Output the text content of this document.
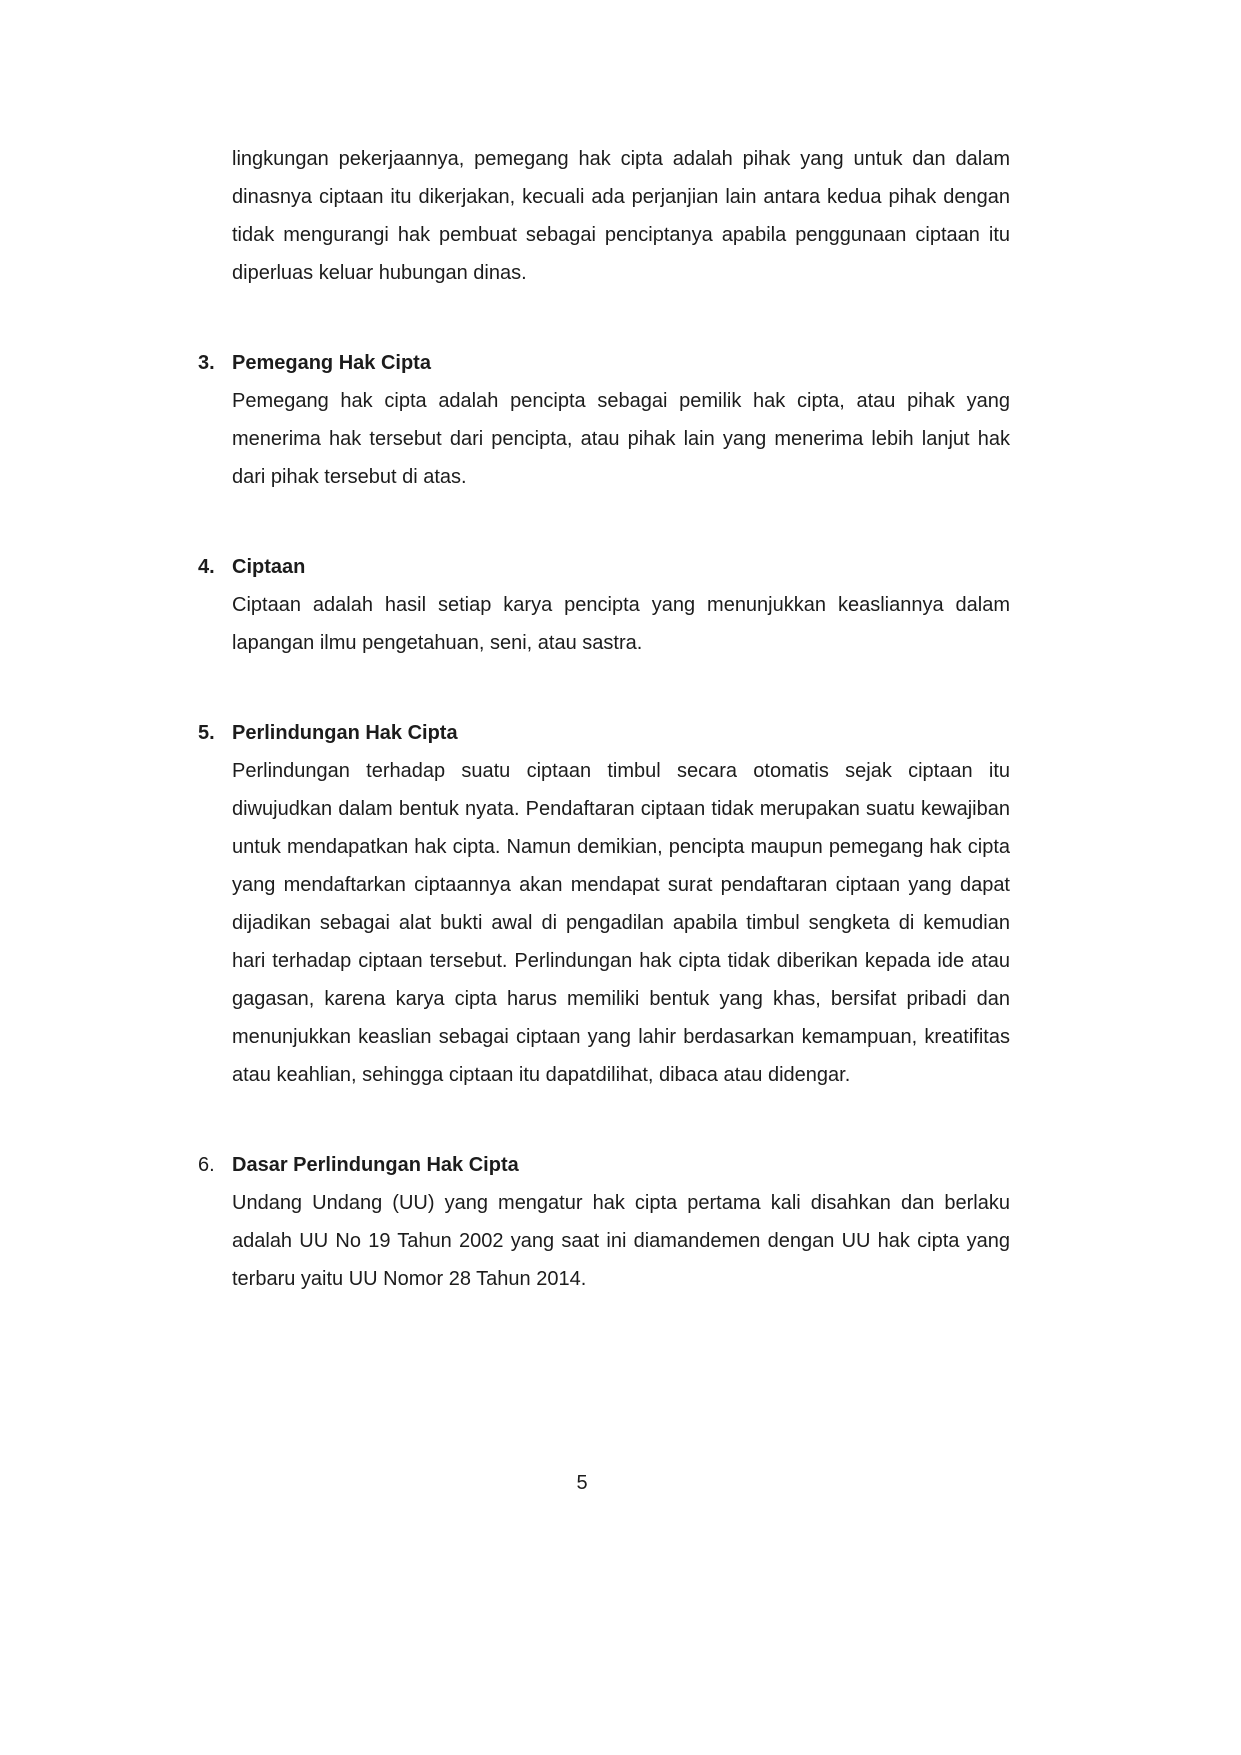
lingkungan pekerjaannya, pemegang hak cipta adalah pihak yang untuk dan dalam dinasnya ciptaan itu dikerjakan, kecuali ada perjanjian lain antara kedua pihak dengan tidak mengurangi hak pembuat sebagai penciptanya apabila penggunaan ciptaan itu diperluas keluar hubungan dinas.

3. Pemegang Hak Cipta

Pemegang hak cipta adalah pencipta sebagai pemilik hak cipta, atau pihak yang menerima hak tersebut dari pencipta, atau pihak lain yang menerima lebih lanjut hak dari pihak tersebut di atas.

4. Ciptaan

Ciptaan adalah hasil setiap karya pencipta yang menunjukkan keasliannya dalam lapangan ilmu pengetahuan, seni, atau sastra.

5. Perlindungan Hak Cipta

Perlindungan terhadap suatu ciptaan timbul secara otomatis sejak ciptaan itu diwujudkan dalam bentuk nyata. Pendaftaran ciptaan tidak merupakan suatu kewajiban untuk mendapatkan hak cipta. Namun demikian, pencipta maupun pemegang hak cipta yang mendaftarkan ciptaannya akan mendapat surat pendaftaran ciptaan yang dapat dijadikan sebagai alat bukti awal di pengadilan apabila timbul sengketa di kemudian hari terhadap ciptaan tersebut. Perlindungan hak cipta tidak diberikan kepada ide atau gagasan, karena karya cipta harus memiliki bentuk yang khas, bersifat pribadi dan menunjukkan keaslian sebagai ciptaan yang lahir berdasarkan kemampuan, kreatifitas atau keahlian, sehingga ciptaan itu dapatdilihat, dibaca atau didengar.

6. Dasar Perlindungan Hak Cipta

Undang Undang (UU) yang mengatur hak cipta pertama kali disahkan dan berlaku adalah UU No 19 Tahun 2002 yang saat ini diamandemen dengan UU hak cipta yang terbaru yaitu UU Nomor 28 Tahun 2014.

5
